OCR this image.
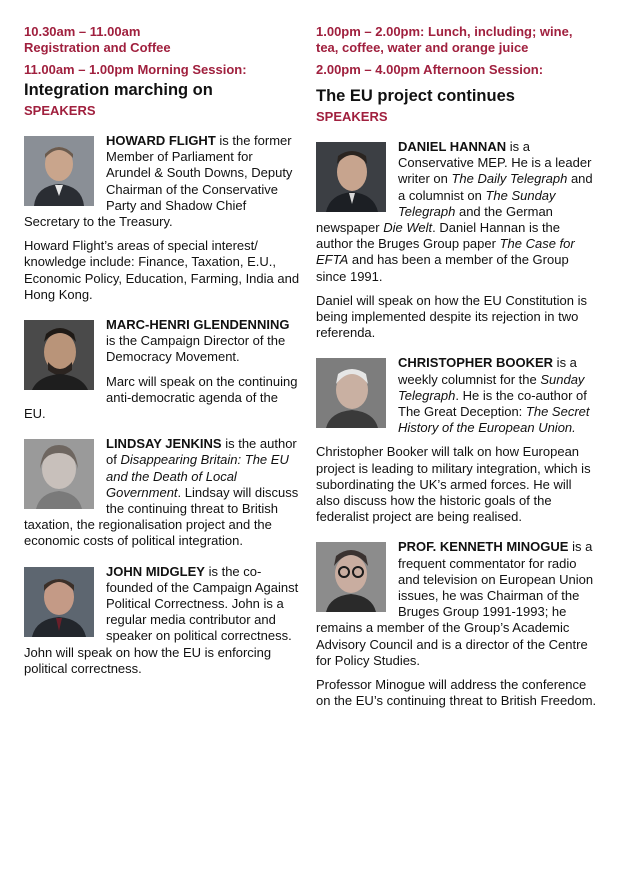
10.30am – 11.00am
Registration and Coffee
11.00am – 1.00pm Morning Session:
Integration marching on
SPEAKERS

HOWARD FLIGHT is the former Member of Parliament for Arundel & South Downs, Deputy Chairman of the Conservative Party and Shadow Chief Secretary to the Treasury.

Howard Flight’s areas of special interest/ knowledge include: Finance, Taxation, E.U., Economic Policy, Education, Farming, India and Hong Kong.

MARC-HENRI GLENDENNING is the Campaign Director of the Democracy Movement.

Marc will speak on the continuing anti-democratic agenda of the EU.

LINDSAY JENKINS is the author of Disappearing Britain: The EU and the Death of Local Government. Lindsay will discuss the continuing threat to British taxation, the regionalisation project and the economic costs of political integration.

JOHN MIDGLEY is the co-founded of the Campaign Against Political Correctness. John is a regular media contributor and speaker on political correctness. John will speak on how the EU is enforcing political correctness.

1.00pm – 2.00pm: Lunch, including; wine, tea, coffee, water and orange juice
2.00pm – 4.00pm Afternoon Session:
The EU project continues
SPEAKERS

DANIEL HANNAN is a Conservative MEP. He is a leader writer on The Daily Telegraph and a columnist on The Sunday Telegraph and the German newspaper Die Welt. Daniel Hannan is the author the Bruges Group paper The Case for EFTA and has been a member of the Group since 1991.

Daniel will speak on how the EU Constitution is being implemented despite its rejection in two referenda.

CHRISTOPHER BOOKER is a weekly columnist for the Sunday Telegraph. He is the co-author of The Great Deception: The Secret History of the European Union.

Christopher Booker will talk on how European project is leading to military integration, which is subordinating the UK’s armed forces. He will also discuss how the historic goals of the federalist project are being realised.

PROF. KENNETH MINOGUE is a frequent commentator for radio and television on European Union issues, he was Chairman of the Bruges Group 1991-1993; he remains a member of the Group’s Academic Advisory Council and is a director of the Centre for Policy Studies.

Professor Minogue will address the conference on the EU’s continuing threat to British Freedom.
